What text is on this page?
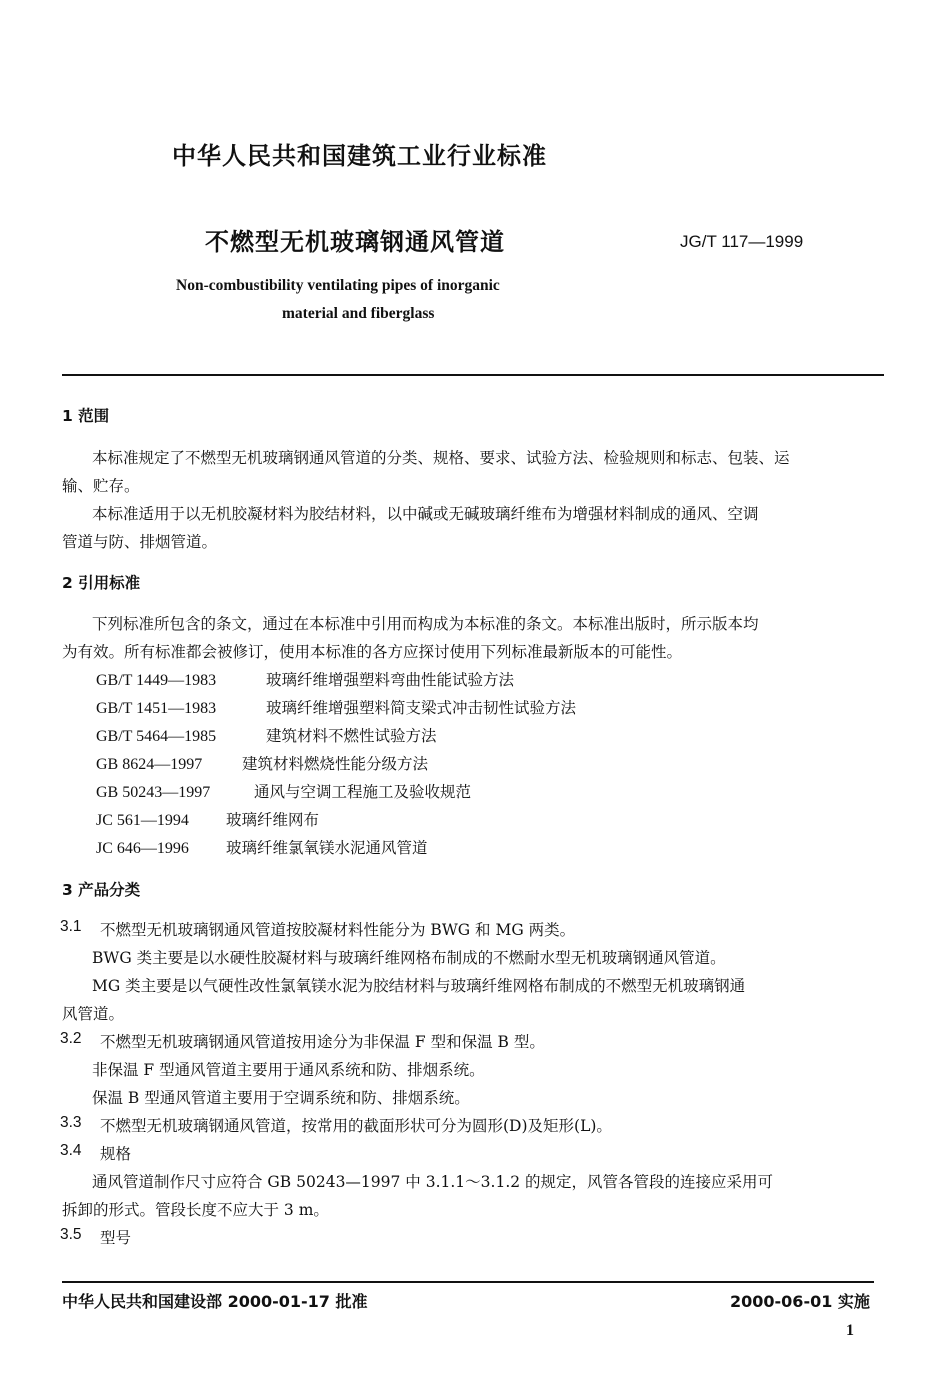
中华人民共和国建筑工业行业标准
不燃型无机玻璃钢通风管道	JG/T 117—1999
Non-combustibility ventilating pipes of inorganic
material and fiberglass
1 范围
本标准规定了不燃型无机玻璃钢通风管道的分类、规格、要求、试验方法、检验规则和标志、包装、运
输、贮存。
本标准适用于以无机胶凝材料为胶结材料，以中碱或无碱玻璃纤维布为增强材料制成的通风、空调
管道与防、排烟管道。
2 引用标准
下列标准所包含的条文，通过在本标准中引用而构成为本标准的条文。本标准出版时，所示版本均
为有效。所有标准都会被修订，使用本标准的各方应探讨使用下列标准最新版本的可能性。
GB/T 1449—1983	玻璃纤维增强塑料弯曲性能试验方法
GB/T 1451—1983	玻璃纤维增强塑料简支梁式冲击韧性试验方法
GB/T 5464—1985	建筑材料不燃性试验方法
GB 8624—1997	建筑材料燃烧性能分级方法
GB 50243—1997	通风与空调工程施工及验收规范
JC 561—1994 玻璃纤维网布
JC 646—1996 玻璃纤维氯氧镁水泥通风管道
3 产品分类
3.1 不燃型无机玻璃钢通风管道按胶凝材料性能分为 BWG 和 MG 两类。
BWG 类主要是以水硬性胶凝材料与玻璃纤维网格布制成的不燃耐水型无机玻璃钢通风管道。
MG 类主要是以气硬性改性氯氧镁水泥为胶结材料与玻璃纤维网格布制成的不燃型无机玻璃钢通
风管道。
3.2 不燃型无机玻璃钢通风管道按用途分为非保温 F 型和保温 B 型。
非保温 F 型通风管道主要用于通风系统和防、排烟系统。
保温 B 型通风管道主要用于空调系统和防、排烟系统。
3.3 不燃型无机玻璃钢通风管道，按常用的截面形状可分为圆形(D)及矩形(L)。
3.4 规格
通风管道制作尺寸应符合 GB 50243—1997 中 3.1.1～3.1.2 的规定，风管各管段的连接应采用可
拆卸的形式。管段长度不应大于 3 m。
3.5 型号
中华人民共和国建设部 2000-01-17 批准	2000-06-01 实施
1
